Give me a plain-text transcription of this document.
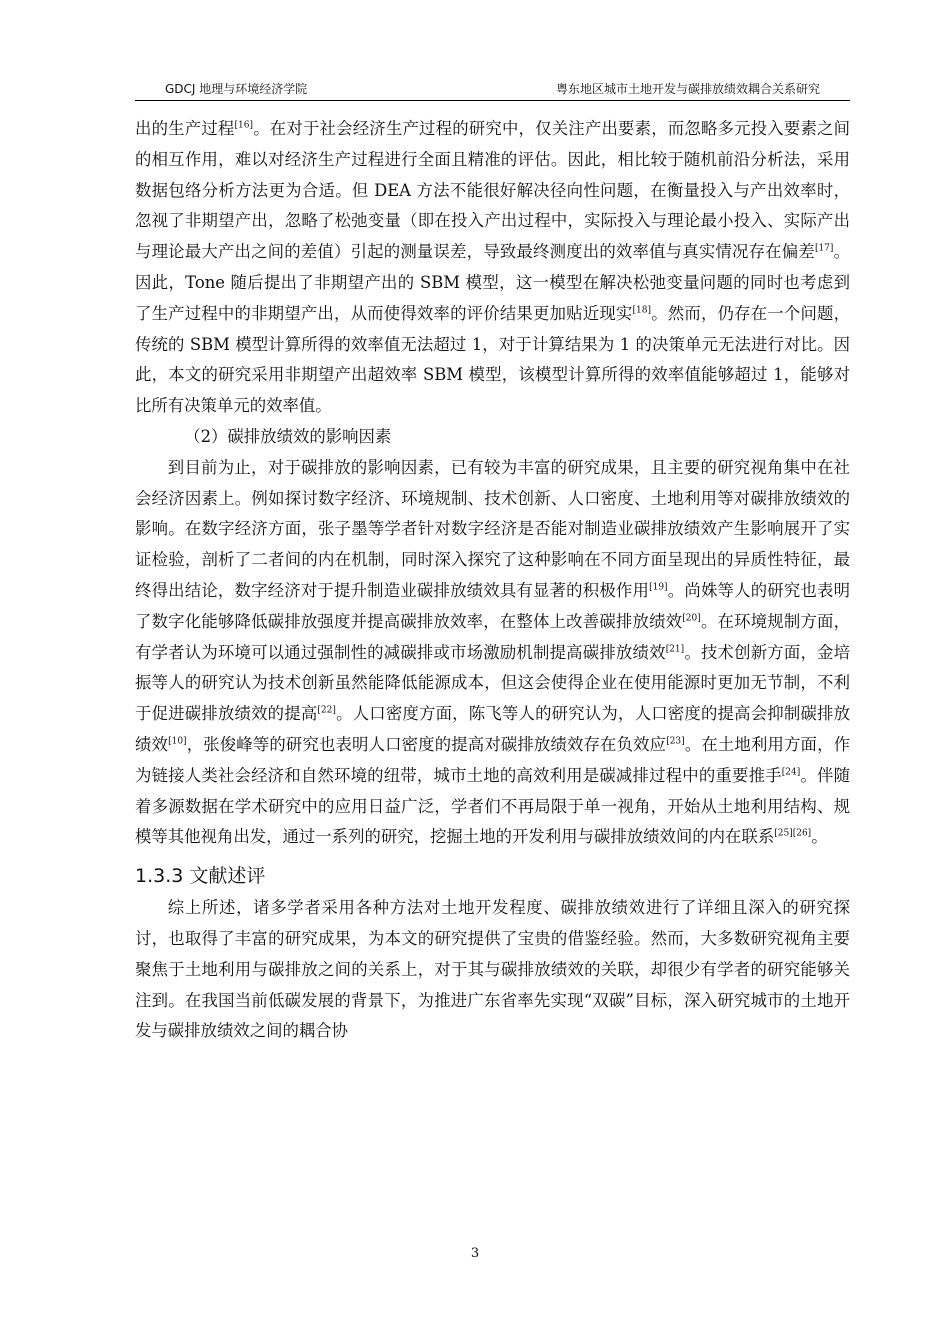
GDCJ 地理与环境经济学院	粤东地区城市土地开发与碳排放绩效耦合关系研究

出的生产过程[16]。在对于社会经济生产过程的研究中，仅关注产出要素，而忽略多元投入要素之间的相互作用，难以对经济生产过程进行全面且精准的评估。因此，相比较于随机前沿分析法，采用数据包络分析方法更为合适。但 DEA 方法不能很好解决径向性问题，在衡量投入与产出效率时，忽视了非期望产出，忽略了松弛变量（即在投入产出过程中，实际投入与理论最小投入、实际产出与理论最大产出之间的差值）引起的测量误差，导致最终测度出的效率值与真实情况存在偏差[17]。因此，Tone 随后提出了非期望产出的 SBM 模型，这一模型在解决松弛变量问题的同时也考虑到了生产过程中的非期望产出，从而使得效率的评价结果更加贴近现实[18]。然而，仍存在一个问题，传统的 SBM 模型计算所得的效率值无法超过 1，对于计算结果为 1 的决策单元无法进行对比。因此，本文的研究采用非期望产出超效率 SBM 模型，该模型计算所得的效率值能够超过 1，能够对比所有决策单元的效率值。

（2）碳排放绩效的影响因素

到目前为止，对于碳排放的影响因素，已有较为丰富的研究成果，且主要的研究视角集中在社会经济因素上。例如探讨数字经济、环境规制、技术创新、人口密度、土地利用等对碳排放绩效的影响。在数字经济方面，张子墨等学者针对数字经济是否能对制造业碳排放绩效产生影响展开了实证检验，剖析了二者间的内在机制，同时深入探究了这种影响在不同方面呈现出的异质性特征，最终得出结论，数字经济对于提升制造业碳排放绩效具有显著的积极作用[19]。尚姝等人的研究也表明了数字化能够降低碳排放强度并提高碳排放效率，在整体上改善碳排放绩效[20]。在环境规制方面，有学者认为环境可以通过强制性的减碳排或市场激励机制提高碳排放绩效[21]。技术创新方面，金培振等人的研究认为技术创新虽然能降低能源成本，但这会使得企业在使用能源时更加无节制，不利于促进碳排放绩效的提高[22]。人口密度方面，陈飞等人的研究认为，人口密度的提高会抑制碳排放绩效[10]，张俊峰等的研究也表明人口密度的提高对碳排放绩效存在负效应[23]。在土地利用方面，作为链接人类社会经济和自然环境的纽带，城市土地的高效利用是碳减排过程中的重要推手[24]。伴随着多源数据在学术研究中的应用日益广泛，学者们不再局限于单一视角，开始从土地利用结构、规模等其他视角出发，通过一系列的研究，挖掘土地的开发利用与碳排放绩效间的内在联系[25][26]。

1.3.3 文献述评

综上所述，诸多学者采用各种方法对土地开发程度、碳排放绩效进行了详细且深入的研究探讨，也取得了丰富的研究成果，为本文的研究提供了宝贵的借鉴经验。然而，大多数研究视角主要聚焦于土地利用与碳排放之间的关系上，对于其与碳排放绩效的关联，却很少有学者的研究能够关注到。在我国当前低碳发展的背景下，为推进广东省率先实现“双碳”目标，深入研究城市的土地开发与碳排放绩效之间的耦合协

3
